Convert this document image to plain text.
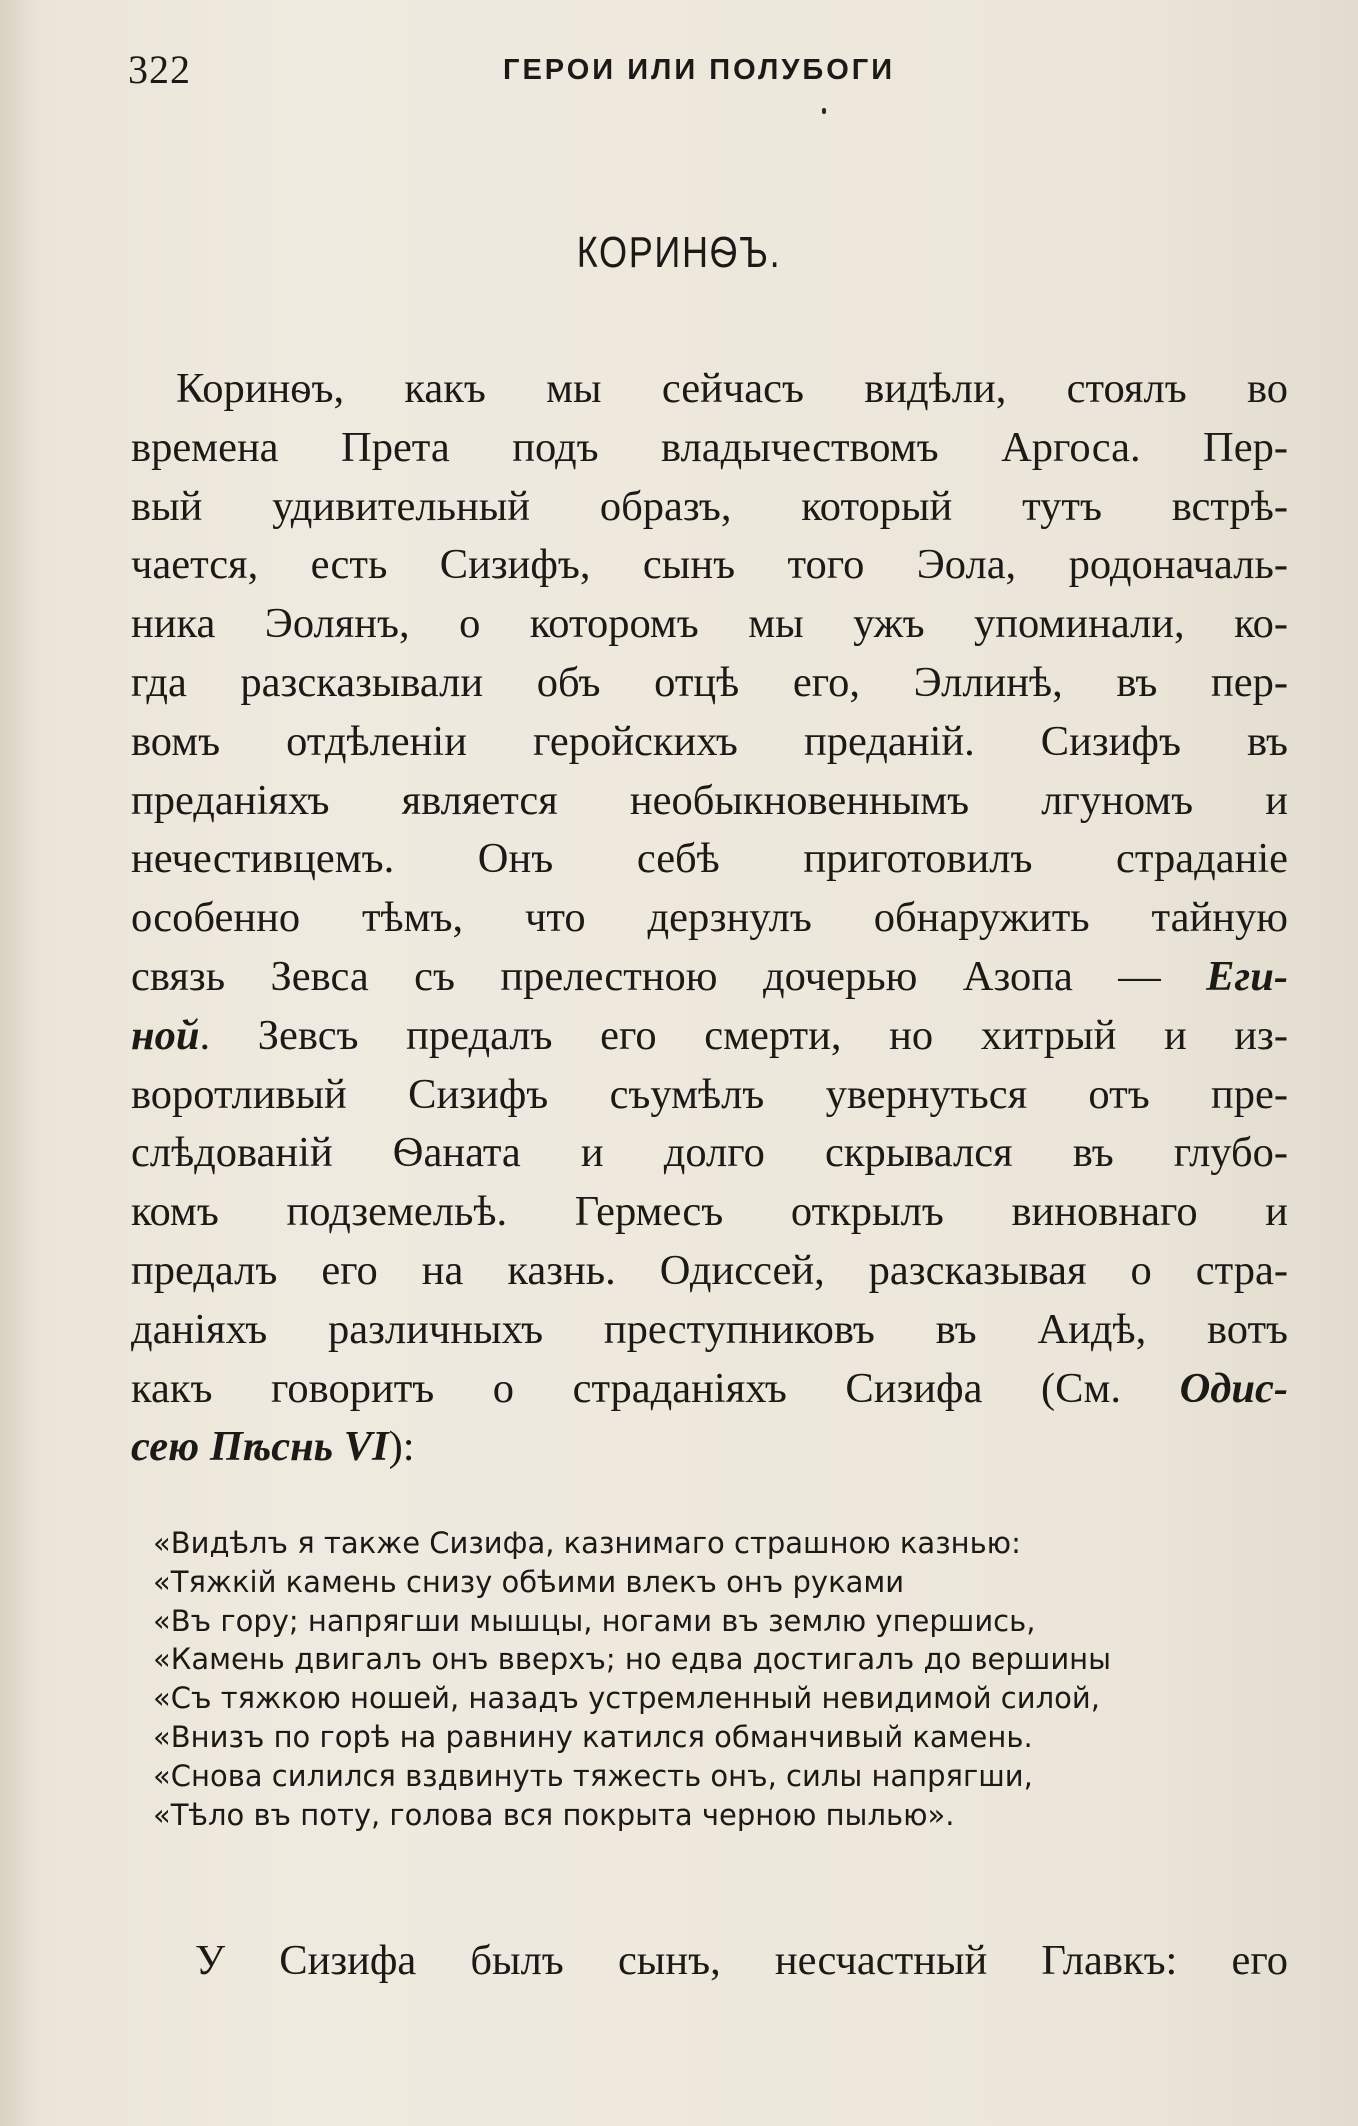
322	ГЕРОИ ИЛИ ПОЛУБОГИ
КОРИНѲЪ.

Коринѳъ, какъ мы сейчасъ видѣли, стоялъ во
времена Прета подъ владычествомъ Аргоса. Пер-
вый удивительный образъ, который тутъ встрѣ-
чается, есть Сизифъ, сынъ того Эола, родоначаль-
ника Эолянъ, о которомъ мы ужъ упоминали, ко-
гда разсказывали объ отцѣ его, Эллинѣ, въ пер-
вомъ отдѣленіи геройскихъ преданій. Сизифъ въ
преданіяхъ является необыкновеннымъ лгуномъ и
нечестивцемъ. Онъ себѣ приготовилъ страданіе
особенно тѣмъ, что дерзнулъ обнаружить тайную
связь Зевса съ прелестною дочерью Азопа — Еги-
ной. Зевсъ предалъ его смерти, но хитрый и из-
воротливый Сизифъ съумѣлъ увернуться отъ пре-
слѣдованій Ѳаната и долго скрывался въ глубо-
комъ подземельѣ. Гермесъ открылъ виновнаго и
предалъ его на казнь. Одиссей, разсказывая о стра-
даніяхъ различныхъ преступниковъ въ Аидѣ, вотъ
какъ говоритъ о страданіяхъ Сизифа (См. Одис-
сею Пѣснь VI):

«Видѣлъ я также Сизифа, казнимаго страшною казнью:
«Тяжкій камень снизу обѣими влекъ онъ руками
«Въ гору; напрягши мышцы, ногами въ землю упершись,
«Камень двигалъ онъ вверхъ; но едва достигалъ до вершины
«Съ тяжкою ношей, назадъ устремленный невидимой силой,
«Внизъ по горѣ на равнину катился обманчивый камень.
«Снова силился вздвинуть тяжесть онъ, силы напрягши,
«Тѣло въ поту, голова вся покрыта черною пылью».
У Сизифа былъ сынъ, несчастный Главкъ: его
